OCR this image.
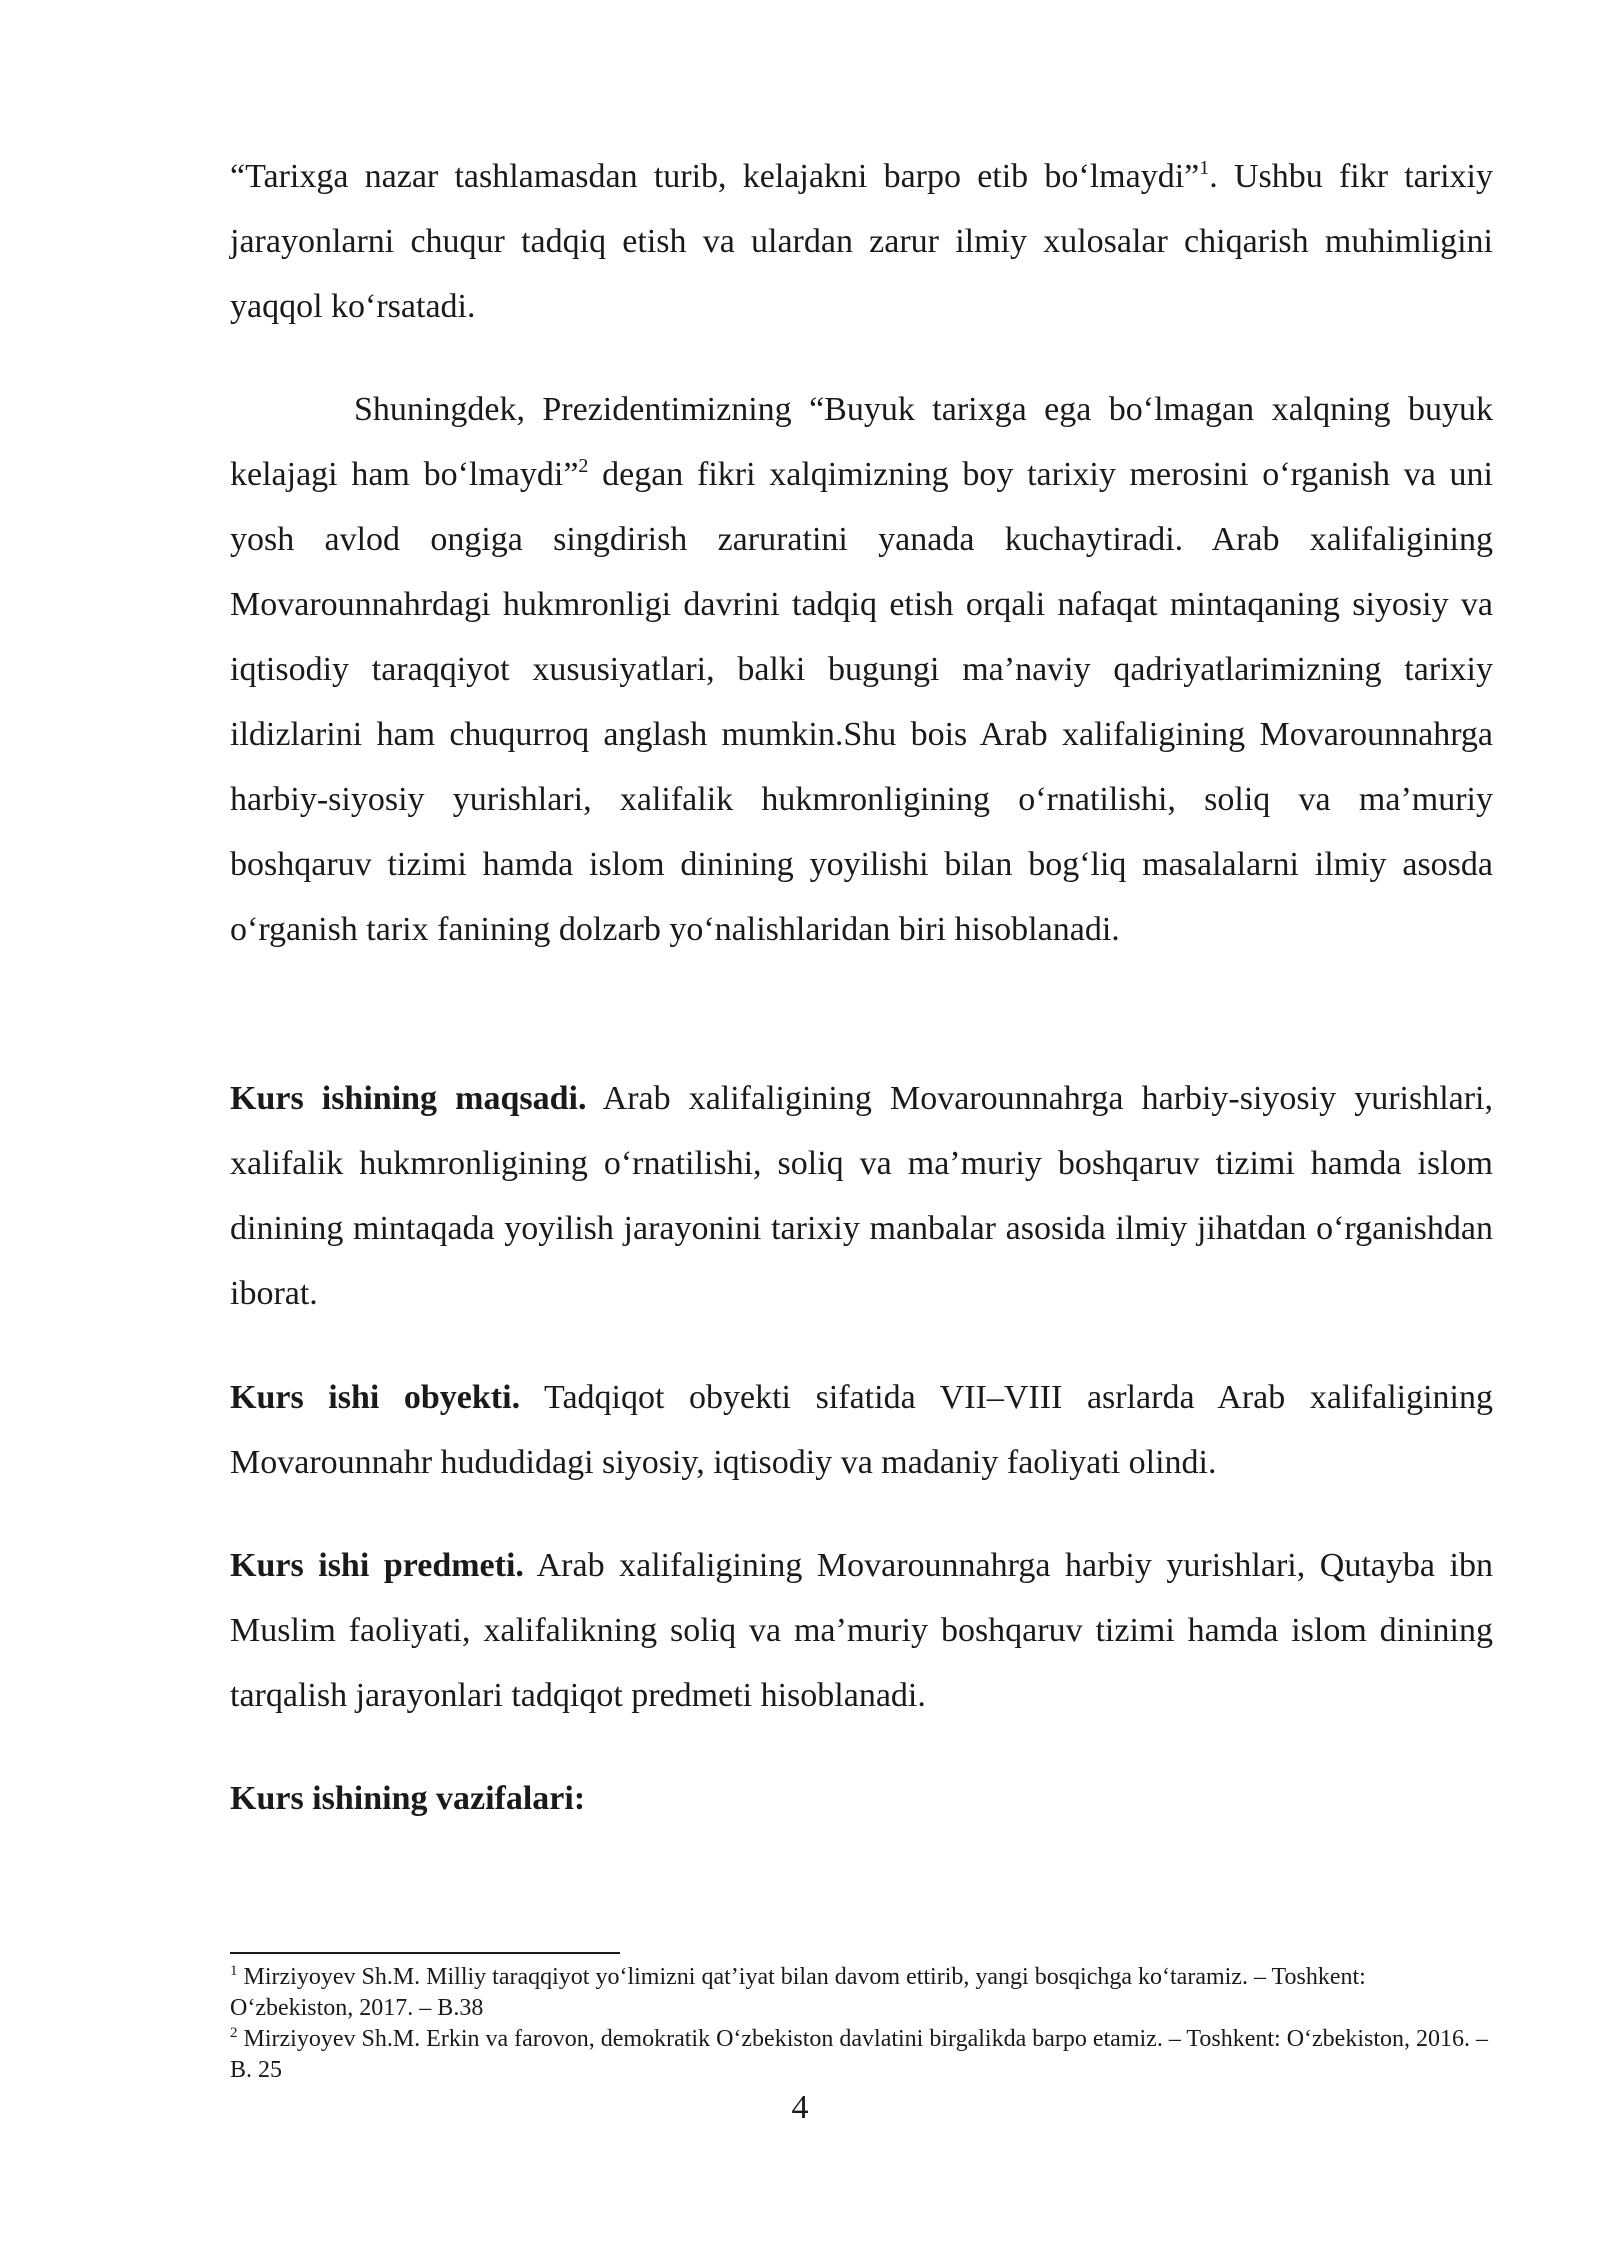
“Tarixga nazar tashlamasdan turib, kelajakni barpo etib bo‘lmaydi”$^1$. Ushbu fikr tarixiy jarayonlarni chuqur tadqiq etish va ulardan zarur ilmiy xulosalar chiqarish muhimligini yaqqol ko‘rsatadi.

Shuningdek, Prezidentimizning “Buyuk tarixga ega bo‘lmagan xalqning buyuk kelajagi ham bo‘lmaydi”$^2$ degan fikri xalqimizning boy tarixiy merosini o‘rganish va uni yosh avlod ongiga singdirish zaruratini yanada kuchaytiradi. Arab xalifaligining Movarounnahrdagi hukmronligi davrini tadqiq etish orqali nafaqat mintaqaning siyosiy va iqtisodiy taraqqiyot xususiyatlari, balki bugungi ma’naviy qadriyatlarimizning tarixiy ildizlarini ham chuqurroq anglash mumkin.Shu bois Arab xalifaligining Movarounnahrga harbiy-siyosiy yurishlari, xalifalik hukmronligining o‘rnatilishi, soliq va ma’muriy boshqaruv tizimi hamda islom dinining yoyilishi bilan bog‘liq masalalarni ilmiy asosda o‘rganish tarix fanining dolzarb yo‘nalishlaridan biri hisoblanadi.

Kurs ishining maqsadi. Arab xalifaligining Movarounnahrga harbiy-siyosiy yurishlari, xalifalik hukmronligining o‘rnatilishi, soliq va ma’muriy boshqaruv tizimi hamda islom dinining mintaqada yoyilish jarayonini tarixiy manbalar asosida ilmiy jihatdan o‘rganishdan iborat.

Kurs ishi obyekti. Tadqiqot obyekti sifatida VII–VIII asrlarda Arab xalifaligining Movarounnahr hududidagi siyosiy, iqtisodiy va madaniy faoliyati olindi.

Kurs ishi predmeti. Arab xalifaligining Movarounnahrga harbiy yurishlari, Qutayba ibn Muslim faoliyati, xalifalikning soliq va ma’muriy boshqaruv tizimi hamda islom dinining tarqalish jarayonlari tadqiqot predmeti hisoblanadi.

Kurs ishining vazifalari:

$^1$ Mirziyoyev Sh.M. Milliy taraqqiyot yo‘limizni qat’iyat bilan davom ettirib, yangi bosqichga ko‘taramiz. – Toshkent: O‘zbekiston, 2017. – B.38

$^2$ Mirziyoyev Sh.M. Erkin va farovon, demokratik O‘zbekiston davlatini birgalikda barpo etamiz. – Toshkent: O‘zbekiston, 2016. – B. 25

4
